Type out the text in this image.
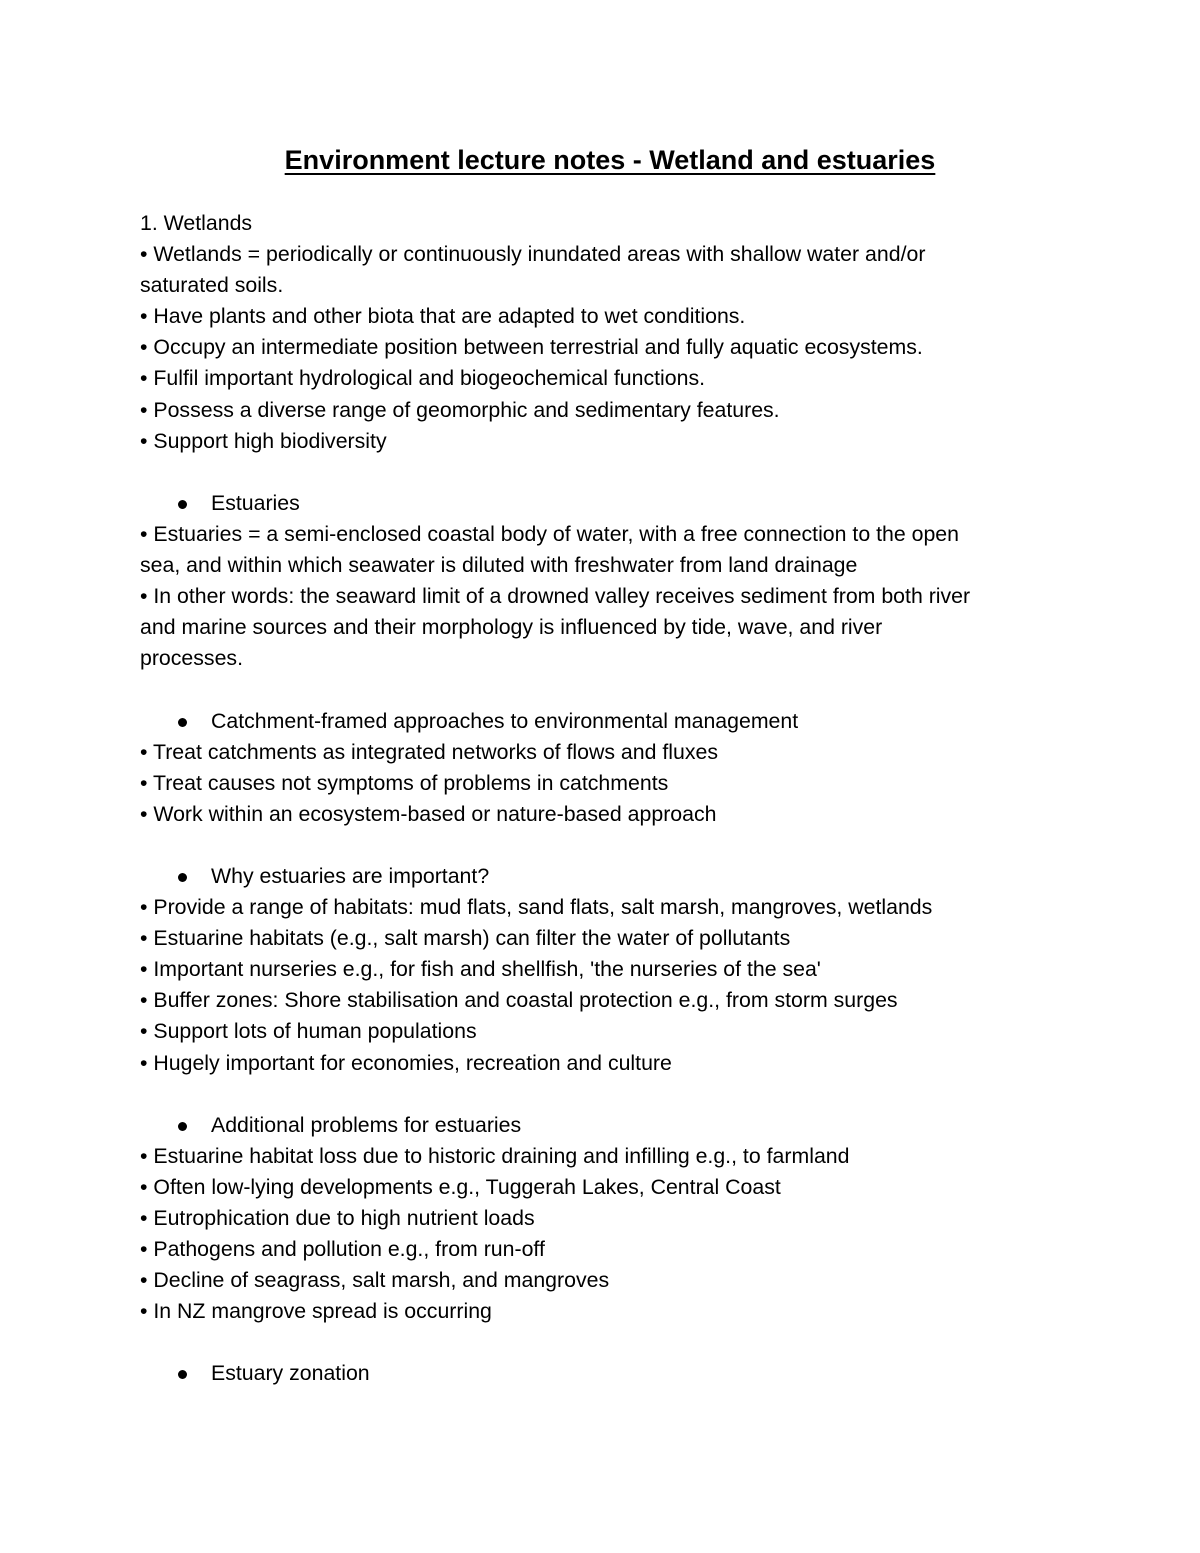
Environment lecture notes - Wetland and estuaries

1. Wetlands

• Wetlands = periodically or continuously inundated areas with shallow water and/or

saturated soils.

• Have plants and other biota that are adapted to wet conditions.

• Occupy an intermediate position between terrestrial and fully aquatic ecosystems.

• Fulfil important hydrological and biogeochemical functions.

• Possess a diverse range of geomorphic and sedimentary features.

• Support high biodiversity

Estuaries

• Estuaries = a semi-enclosed coastal body of water, with a free connection to the open

sea, and within which seawater is diluted with freshwater from land drainage

• In other words: the seaward limit of a drowned valley receives sediment from both river

and marine sources and their morphology is influenced by tide, wave, and river

processes.

Catchment-framed approaches to environmental management

• Treat catchments as integrated networks of flows and fluxes

• Treat causes not symptoms of problems in catchments

• Work within an ecosystem-based or nature-based approach

Why estuaries are important?

• Provide a range of habitats: mud flats, sand flats, salt marsh, mangroves, wetlands

• Estuarine habitats (e.g., salt marsh) can filter the water of pollutants

• Important nurseries e.g., for fish and shellfish, 'the nurseries of the sea'

• Buffer zones: Shore stabilisation and coastal protection e.g., from storm surges

• Support lots of human populations

• Hugely important for economies, recreation and culture

Additional problems for estuaries

• Estuarine habitat loss due to historic draining and infilling e.g., to farmland

• Often low-lying developments e.g., Tuggerah Lakes, Central Coast

• Eutrophication due to high nutrient loads

• Pathogens and pollution e.g., from run-off

• Decline of seagrass, salt marsh, and mangroves

• In NZ mangrove spread is occurring

Estuary zonation
